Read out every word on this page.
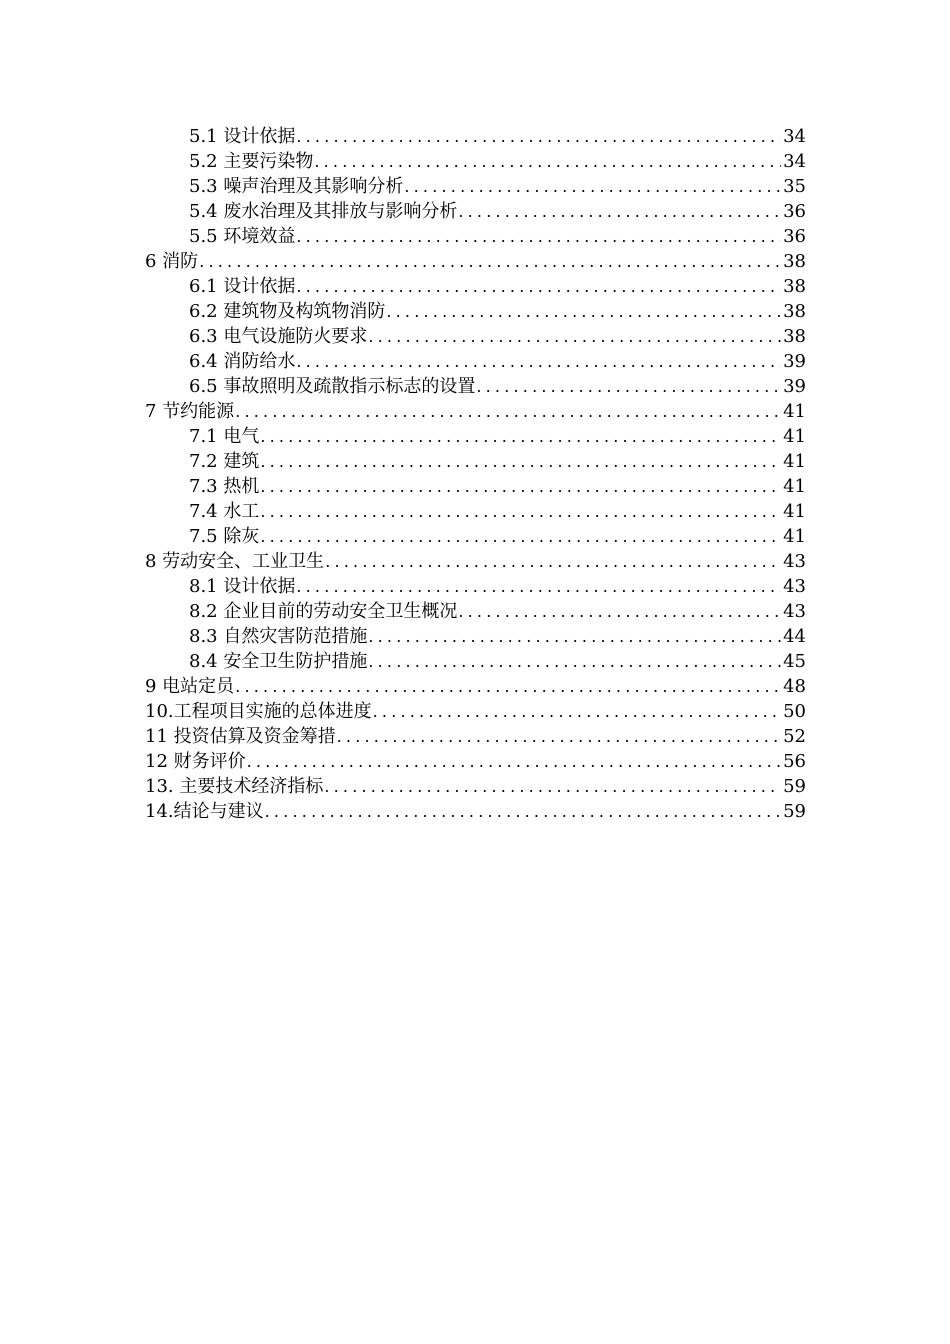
5.1 设计依据 .....	34
5.2 主要污染物 .....	34
5.3 噪声治理及其影响分析 .....	35
5.4 废水治理及其排放与影响分析 .....	36
5.5 环境效益 .....	36
6 消防 .....	38
6.1 设计依据 .....	38
6.2 建筑物及构筑物消防 .....	38
6.3 电气设施防火要求 .....	38
6.4 消防给水 .....	39
6.5 事故照明及疏散指示标志的设置 .....	39
7 节约能源 .....	41
7.1 电气 .....	41
7.2 建筑 .....	41
7.3 热机 .....	41
7.4 水工 .....	41
7.5 除灰 .....	41
8 劳动安全、工业卫生 .....	43
8.1 设计依据 .....	43
8.2 企业目前的劳动安全卫生概况 .....	43
8.3 自然灾害防范措施 .....	44
8.4 安全卫生防护措施 .....	45
9 电站定员 .....	48
10.工程项目实施的总体进度 .....	50
11 投资估算及资金筹措 .....	52
12 财务评价 .....	56
13. 主要技术经济指标 .....	59
14.结论与建议 .....	59
